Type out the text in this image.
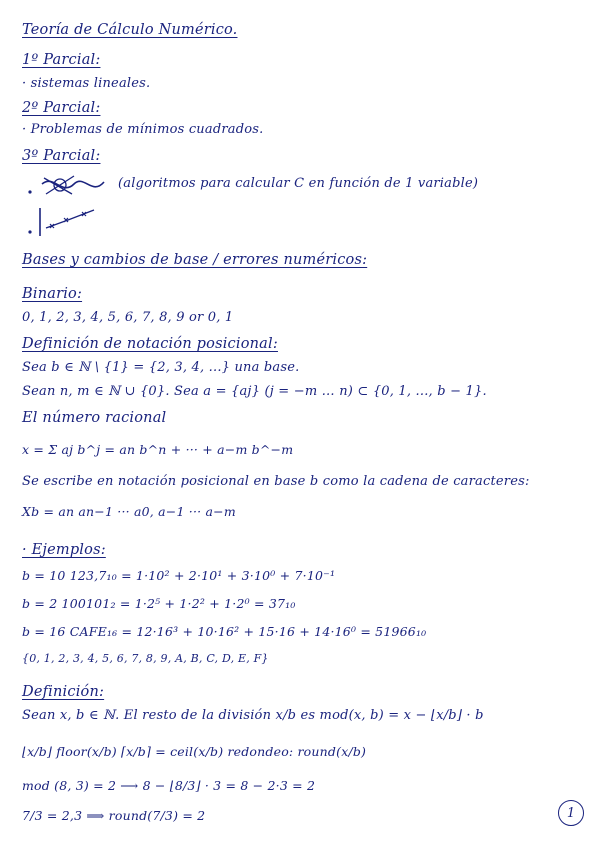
Teoría de Cálculo Numérico.
1º Parcial:
· sistemas lineales.
2º Parcial:
· Problemas de mínimos cuadrados.
3º Parcial:
(algoritmos para calcular C en función de 1 variable)
Bases y cambios de base / errores numéricos:
Binario:
0, 1, 2, 3, 4, 5, 6, 7, 8, 9 or 0, 1
Definición de notación posicional:
Sea b ∈ ℕ \ {1} = {2, 3, 4, ...} una base.
Sean n, m ∈ ℕ ∪ {0}. Sea a = {aj} (j = −m … n) ⊂ {0, 1, ..., b − 1}.
El número racional
x = Σ aj b^j = an b^n + ··· + a−m b^−m
Se escribe en notación posicional en base b como la cadena de caracteres:
Xb = an an−1 ··· a0, a−1 ··· a−m
· Ejemplos:
b = 10 123,7₁₀ = 1·10² + 2·10¹ + 3·10⁰ + 7·10⁻¹
b = 2 100101₂ = 1·2⁵ + 1·2² + 1·2⁰ = 37₁₀
b = 16 CAFE₁₆ = 12·16³ + 10·16² + 15·16 + 14·16⁰ = 51966₁₀
{0, 1, 2, 3, 4, 5, 6, 7, 8, 9, A, B, C, D, E, F}
Definición:
Sean x, b ∈ ℕ. El resto de la división x/b es mod(x, b) = x − ⌊x/b⌋ · b
⌊x/b⌋ floor(x/b) ⌈x/b⌉ = ceil(x/b) redondeo: round(x/b)
mod (8, 3) = 2 ⟶ 8 − ⌊8/3⌋ · 3 = 8 − 2·3 = 2
7/3 = 2,3 ⟹ round(7/3) = 2	1
